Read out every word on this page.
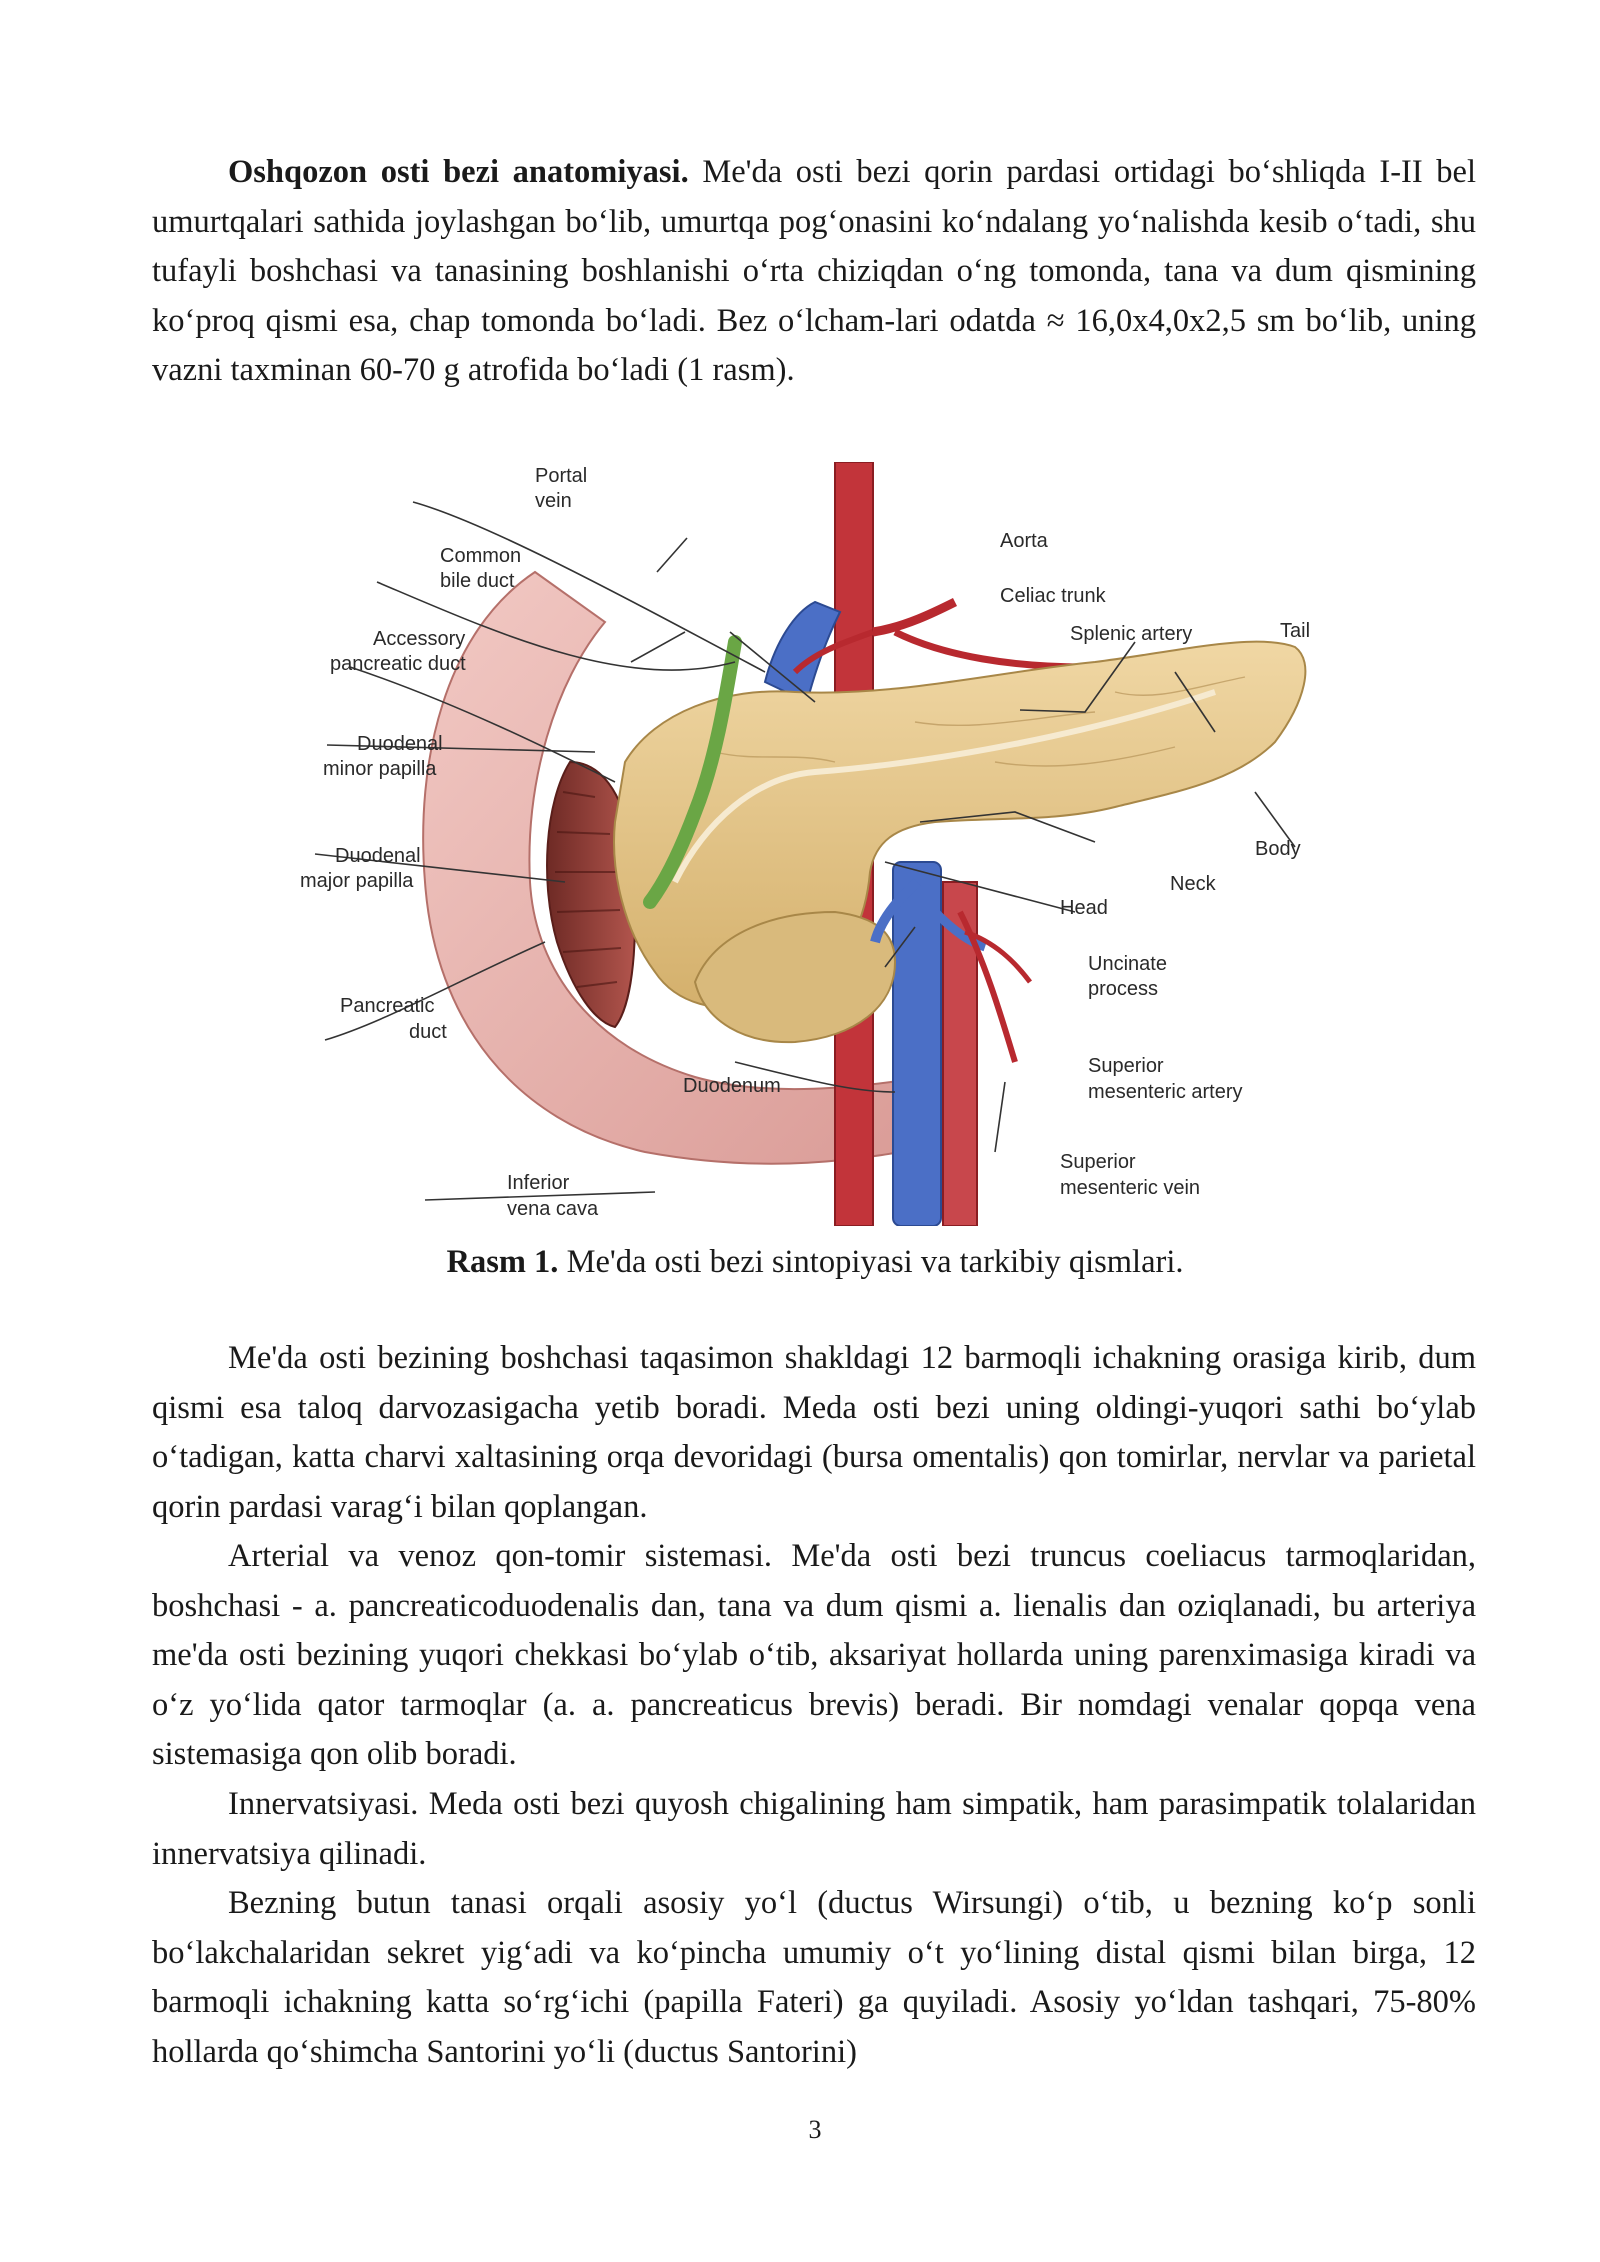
Oshqozon osti bezi anatomiyasi. Me'da osti bezi qorin pardasi ortidagi bo‘shliqda I-II bel umurtqalari sathida joylashgan bo‘lib, umurtqa pog‘onasini ko‘ndalang yo‘nalishda kesib o‘tadi, shu tufayli boshchasi va tanasining boshlanishi o‘rta chiziqdan o‘ng tomonda, tana va dum qismining ko‘proq qismi esa, chap tomonda bo‘ladi. Bez o‘lcham-lari odatda ≈ 16,0x4,0x2,5 sm bo‘lib, uning vazni taxminan 60-70 g atrofida bo‘ladi (1 rasm).

Portal
vein
Common
bile duct
Accessory
pancreatic duct
Duodenal
minor papilla
Duodenal
major papilla
Pancreatic
duct
Inferior
vena cava
Aorta
Celiac trunk
Splenic artery	Tail
Body
Neck
Head
Uncinate
process
Superior
mesenteric artery
Superior
mesenteric vein
Duodenum
Rasm 1. Me'da osti bezi sintopiyasi va tarkibiy qismlari.

Me'da osti bezining boshchasi taqasimon shakldagi 12 barmoqli ichakning orasiga kirib, dum qismi esa taloq darvozasigacha yetib boradi. Meda osti bezi uning oldingi-yuqori sathi bo‘ylab o‘tadigan, katta charvi xaltasining orqa devoridagi (bursa omentalis) qon tomirlar, nervlar va parietal qorin pardasi varag‘i bilan qoplangan.

Arterial va venoz qon-tomir sistemasi. Me'da osti bezi truncus coeliacus tarmoqlaridan, boshchasi - a. pancreaticoduodenalis dan, tana va dum qismi a. lienalis dan oziqlanadi, bu arteriya me'da osti bezining yuqori chekkasi bo‘ylab o‘tib, aksariyat hollarda uning parenximasiga kiradi va o‘z yo‘lida qator tarmoqlar (a. a. pancreaticus brevis) beradi. Bir nomdagi venalar qopqa vena sistemasiga qon olib boradi.

Innervatsiyasi. Meda osti bezi quyosh chigalining ham simpatik, ham parasimpatik tolalaridan innervatsiya qilinadi.

Bezning butun tanasi orqali asosiy yo‘l (ductus Wirsungi) o‘tib, u bezning ko‘p sonli bo‘lakchalaridan sekret yig‘adi va ko‘pincha umumiy o‘t yo‘lining distal qismi bilan birga, 12 barmoqli ichakning katta so‘rg‘ichi (papilla Fateri) ga quyiladi. Asosiy yo‘ldan tashqari, 75-80% hollarda qo‘shimcha Santorini yo‘li (ductus Santorini)

3
